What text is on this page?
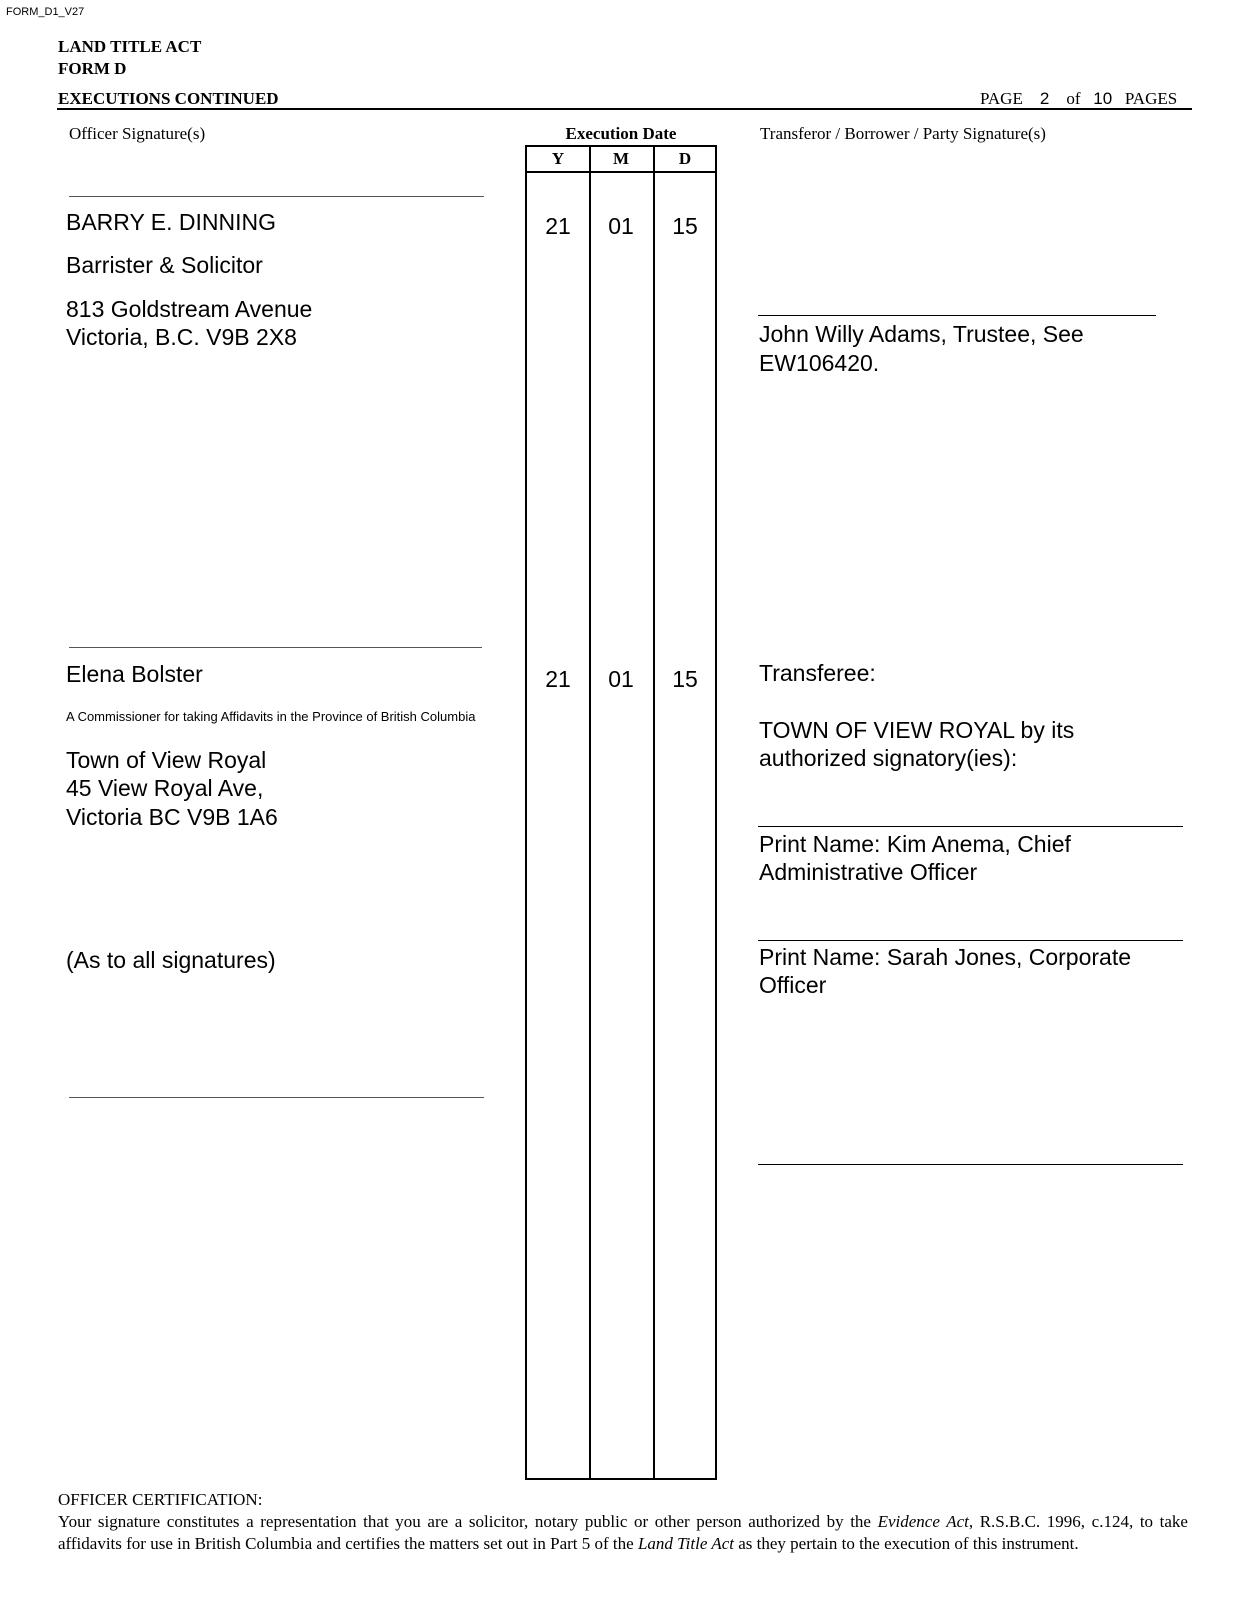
FORM_D1_V27
LAND TITLE ACT
FORM D
EXECUTIONS CONTINUED	PAGE 2 of 10 PAGES
Officer Signature(s)	Execution Date	Transferor / Borrower / Party Signature(s)
Y	M	D
21	01	15
21	01	15
BARRY E. DINNING
Barrister & Solicitor
813 Goldstream Avenue
Victoria, B.C. V9B 2X8	John Willy Adams, Trustee, See
EW106420.
Elena Bolster
A Commissioner for taking Affidavits in the Province of British Columbia
Town of View Royal
45 View Royal Ave,
Victoria BC V9B 1A6
(As to all signatures)
Transferee:
TOWN OF VIEW ROYAL by its
authorized signatory(ies):
Print Name: Kim Anema, Chief
Administrative Officer
Print Name: Sarah Jones, Corporate
Officer
OFFICER CERTIFICATION:
Your signature constitutes a representation that you are a solicitor, notary public or other person authorized by the Evidence Act, R.S.B.C. 1996, c.124, to take affidavits for use in British Columbia and certifies the matters set out in Part 5 of the Land Title Act as they pertain to the execution of this instrument.
